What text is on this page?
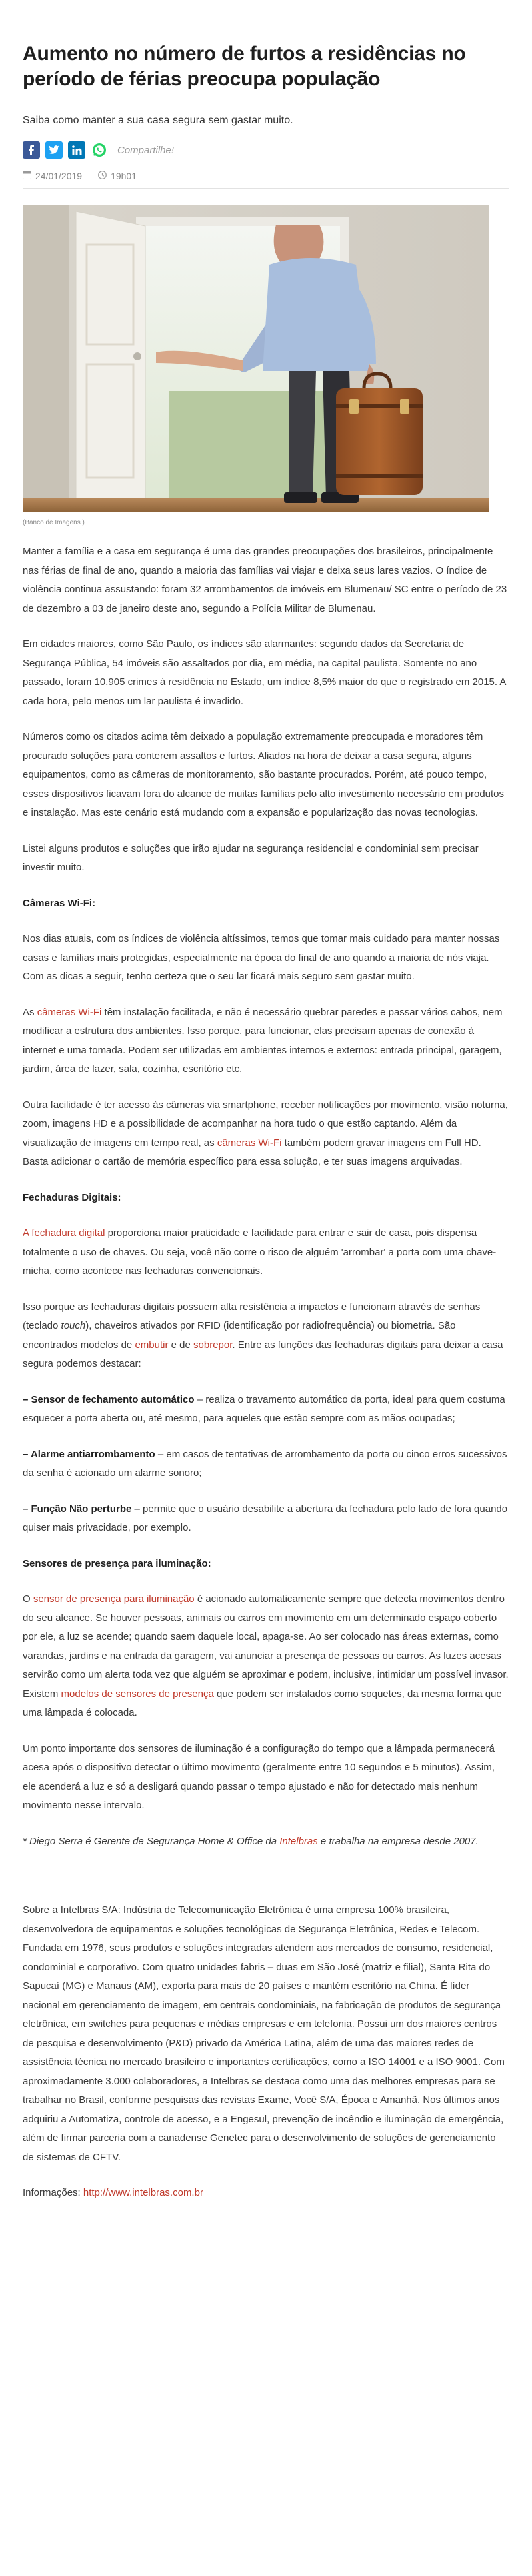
Aumento no número de furtos a residências no período de férias preocupa população
Saiba como manter a sua casa segura sem gastar muito.
Compartilhe!
24/01/2019	19h01
(Banco de Imagens )

Manter a família e a casa em segurança é uma das grandes preocupações dos brasileiros, principalmente nas férias de final de ano, quando a maioria das famílias vai viajar e deixa seus lares vazios. O índice de violência continua assustando: foram 32 arrombamentos de imóveis em Blumenau/ SC entre o período de 23 de dezembro a 03 de janeiro deste ano, segundo a Polícia Militar de Blumenau.

Em cidades maiores, como São Paulo, os índices são alarmantes: segundo dados da Secretaria de Segurança Pública, 54 imóveis são assaltados por dia, em média, na capital paulista. Somente no ano passado, foram 10.905 crimes à residência no Estado, um índice 8,5% maior do que o registrado em 2015. A cada hora, pelo menos um lar paulista é invadido.

Números como os citados acima têm deixado a população extremamente preocupada e moradores têm procurado soluções para conterem assaltos e furtos. Aliados na hora de deixar a casa segura, alguns equipamentos, como as câmeras de monitoramento, são bastante procurados. Porém, até pouco tempo, esses dispositivos ficavam fora do alcance de muitas famílias pelo alto investimento necessário em produtos e instalação. Mas este cenário está mudando com a expansão e popularização das novas tecnologias.

Listei alguns produtos e soluções que irão ajudar na segurança residencial e condominial sem precisar investir muito.

Câmeras Wi-Fi:

Nos dias atuais, com os índices de violência altíssimos, temos que tomar mais cuidado para manter nossas casas e famílias mais protegidas, especialmente na época do final de ano quando a maioria de nós viaja. Com as dicas a seguir, tenho certeza que o seu lar ficará mais seguro sem gastar muito.

As câmeras Wi-Fi têm instalação facilitada, e não é necessário quebrar paredes e passar vários cabos, nem modificar a estrutura dos ambientes. Isso porque, para funcionar, elas precisam apenas de conexão à internet e uma tomada. Podem ser utilizadas em ambientes internos e externos: entrada principal, garagem, jardim, área de lazer, sala, cozinha, escritório etc.

Outra facilidade é ter acesso às câmeras via smartphone, receber notificações por movimento, visão noturna, zoom, imagens HD e a possibilidade de acompanhar na hora tudo o que estão captando. Além da visualização de imagens em tempo real, as câmeras Wi-Fi também podem gravar imagens em Full HD. Basta adicionar o cartão de memória específico para essa solução, e ter suas imagens arquivadas.

Fechaduras Digitais:

A fechadura digital proporciona maior praticidade e facilidade para entrar e sair de casa, pois dispensa totalmente o uso de chaves. Ou seja, você não corre o risco de alguém 'arrombar' a porta com uma chave-micha, como acontece nas fechaduras convencionais.

Isso porque as fechaduras digitais possuem alta resistência a impactos e funcionam através de senhas (teclado touch), chaveiros ativados por RFID (identificação por radiofrequência) ou biometria. São encontrados modelos de embutir e de sobrepor. Entre as funções das fechaduras digitais para deixar a casa segura podemos destacar:

– Sensor de fechamento automático – realiza o travamento automático da porta, ideal para quem costuma esquecer a porta aberta ou, até mesmo, para aqueles que estão sempre com as mãos ocupadas;

– Alarme antiarrombamento – em casos de tentativas de arrombamento da porta ou cinco erros sucessivos da senha é acionado um alarme sonoro;

– Função Não perturbe – permite que o usuário desabilite a abertura da fechadura pelo lado de fora quando quiser mais privacidade, por exemplo.

Sensores de presença para iluminação:

O sensor de presença para iluminação é acionado automaticamente sempre que detecta movimentos dentro do seu alcance. Se houver pessoas, animais ou carros em movimento em um determinado espaço coberto por ele, a luz se acende; quando saem daquele local, apaga-se. Ao ser colocado nas áreas externas, como varandas, jardins e na entrada da garagem, vai anunciar a presença de pessoas ou carros. As luzes acesas servirão como um alerta toda vez que alguém se aproximar e podem, inclusive, intimidar um possível invasor. Existem modelos de sensores de presença que podem ser instalados como soquetes, da mesma forma que uma lâmpada é colocada.

Um ponto importante dos sensores de iluminação é a configuração do tempo que a lâmpada permanecerá acesa após o dispositivo detectar o último movimento (geralmente entre 10 segundos e 5 minutos). Assim, ele acenderá a luz e só a desligará quando passar o tempo ajustado e não for detectado mais nenhum movimento nesse intervalo.

* Diego Serra é Gerente de Segurança Home & Office da Intelbras e trabalha na empresa desde 2007.

Sobre a Intelbras S/A: Indústria de Telecomunicação Eletrônica é uma empresa 100% brasileira, desenvolvedora de equipamentos e soluções tecnológicas de Segurança Eletrônica, Redes e Telecom. Fundada em 1976, seus produtos e soluções integradas atendem aos mercados de consumo, residencial, condominial e corporativo. Com quatro unidades fabris – duas em São José (matriz e filial), Santa Rita do Sapucaí (MG) e Manaus (AM), exporta para mais de 20 países e mantém escritório na China. É líder nacional em gerenciamento de imagem, em centrais condominiais, na fabricação de produtos de segurança eletrônica, em switches para pequenas e médias empresas e em telefonia. Possui um dos maiores centros de pesquisa e desenvolvimento (P&D) privado da América Latina, além de uma das maiores redes de assistência técnica no mercado brasileiro e importantes certificações, como a ISO 14001 e a ISO 9001. Com aproximadamente 3.000 colaboradores, a Intelbras se destaca como uma das melhores empresas para se trabalhar no Brasil, conforme pesquisas das revistas Exame, Você S/A, Época e Amanhã. Nos últimos anos adquiriu a Automatiza, controle de acesso, e a Engesul, prevenção de incêndio e iluminação de emergência, além de firmar parceria com a canadense Genetec para o desenvolvimento de soluções de gerenciamento de sistemas de CFTV.

Informações: http://www.intelbras.com.br
